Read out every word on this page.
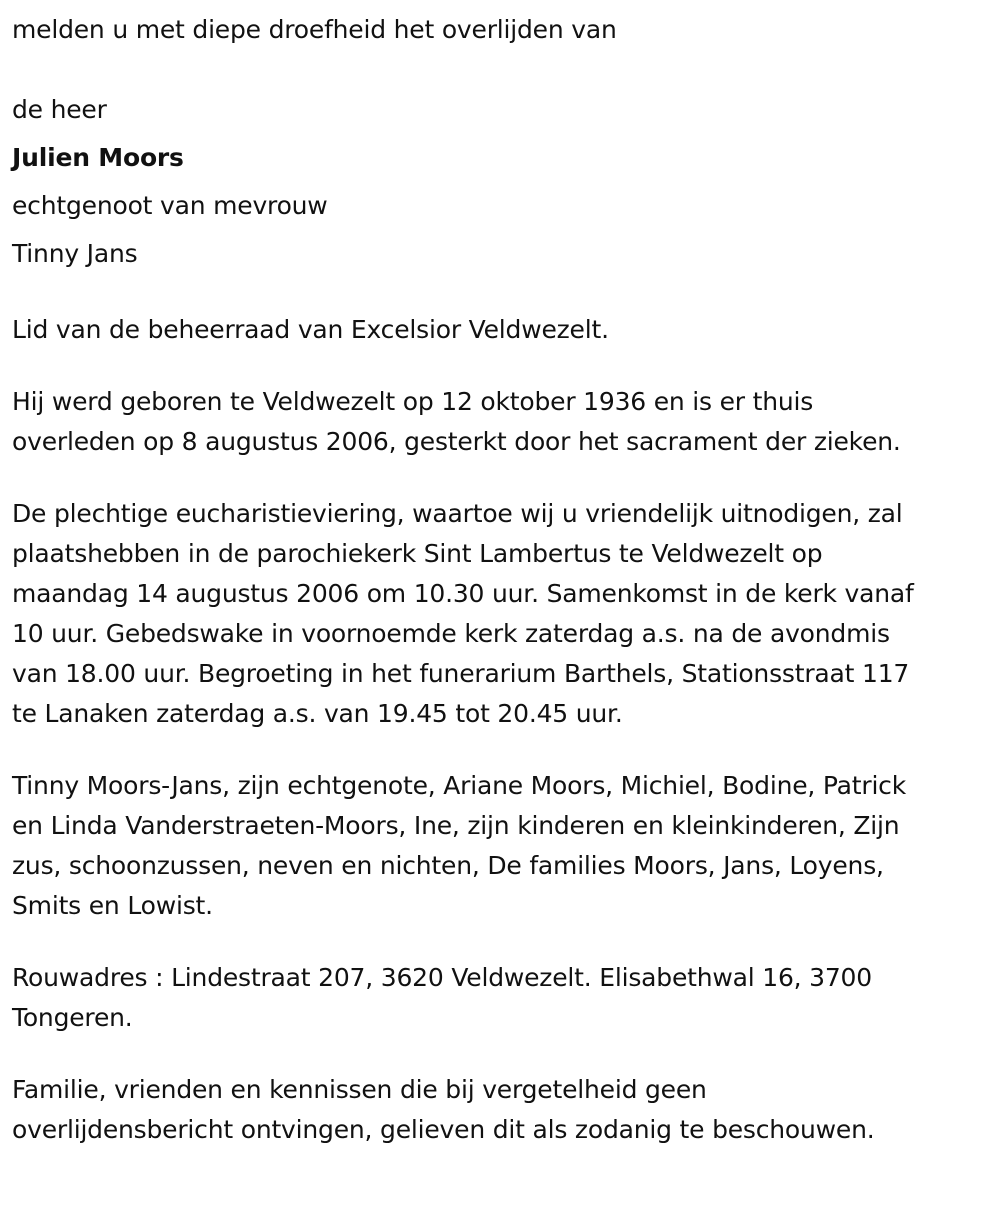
melden u met diepe droefheid het overlijden van

de heer

Julien Moors

echtgenoot van mevrouw

Tinny Jans

Lid van de beheerraad van Excelsior Veldwezelt.

Hij werd geboren te Veldwezelt op 12 oktober 1936 en is er thuis
overleden op 8 augustus 2006, gesterkt door het sacrament der zieken.

De plechtige eucharistieviering, waartoe wij u vriendelijk uitnodigen, zal
plaatshebben in de parochiekerk Sint Lambertus te Veldwezelt op
maandag 14 augustus 2006 om 10.30 uur. Samenkomst in de kerk vanaf
10 uur. Gebedswake in voornoemde kerk zaterdag a.s. na de avondmis
van 18.00 uur. Begroeting in het funerarium Barthels, Stationsstraat 117
te Lanaken zaterdag a.s. van 19.45 tot 20.45 uur.

Tinny Moors-Jans, zijn echtgenote, Ariane Moors, Michiel, Bodine, Patrick
en Linda Vanderstraeten-Moors, Ine, zijn kinderen en kleinkinderen, Zijn
zus, schoonzussen, neven en nichten, De families Moors, Jans, Loyens,
Smits en Lowist.

Rouwadres : Lindestraat 207, 3620 Veldwezelt. Elisabethwal 16, 3700
Tongeren.

Familie, vrienden en kennissen die bij vergetelheid geen
overlijdensbericht ontvingen, gelieven dit als zodanig te beschouwen.
